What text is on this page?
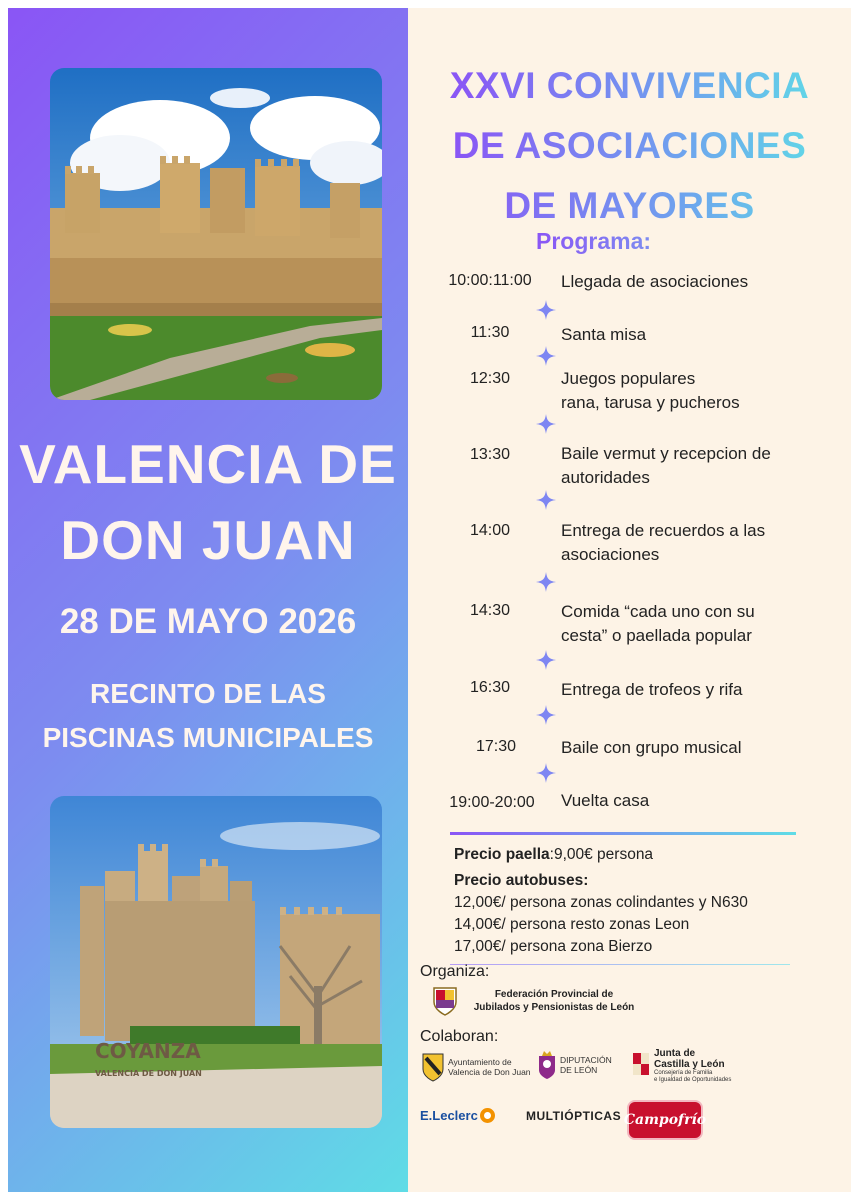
VALENCIA DE
DON JUAN
28 DE MAYO 2026
RECINTO DE LAS
PISCINAS MUNICIPALES
COYANZA
VALENCIA DE DON JUAN
XXVI CONVIVENCIA
DE ASOCIACIONES
DE MAYORES
Programa:
10:00:11:00	Llegada de asociaciones
11:30	Santa misa
12:30	Juegos populares
rana, tarusa y pucheros
13:30	Baile vermut y recepcion de
autoridades
14:00	Entrega de recuerdos a las
asociaciones
14:30	Comida “cada uno con su
cesta” o paellada popular
16:30	Entrega de trofeos y rifa
17:30	Baile con grupo musical
19:00-20:00	Vuelta casa
Precio paella:9,00€ persona
Precio autobuses:
12,00€/ persona zonas colindantes y N630
14,00€/ persona resto zonas Leon
17,00€/ persona zona Bierzo
Organiza:
Federación Provincial de
Jubilados y Pensionistas de León
Colaboran:
Ayuntamiento de
Valencia de Don Juan
DIPUTACIÓN
DE LEÓN
Junta de
Castilla y León
Consejería de Familia
e Igualdad de Oportunidades
E.Leclerc	MULTIÓPTICAS Campofrío
